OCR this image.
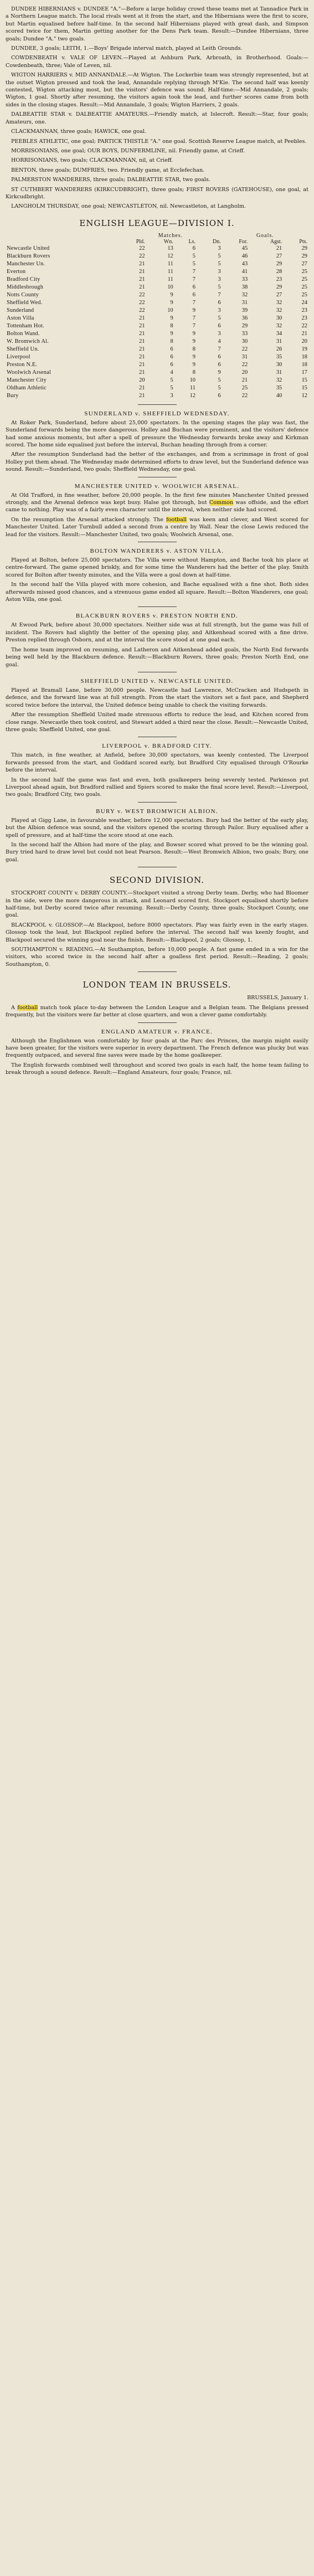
DUNDEE HIBERNIANS v. DUNDEE "A."—Before a large holiday crowd these teams met at Tannadice Park in a Northern League match. The local rivals went at it from the start, and the Hibernians were the first to score, but Martin equalised before half-time. In the second half Hibernians played with great dash, and Simpson scored twice for them, Martin getting another for the Dens Park team. Result:—Dundee Hibernians, three goals; Dundee "A." two goals.

DUNDEE, 3 goals; LEITH, 1.—Boys' Brigade interval match, played at Leith Grounds.

COWDENBEATH v. VALE OF LEVEN.—Played at Ashburn Park, Arbroath, in Brotherhood. Goals:—Cowdenbeath, three; Vale of Leven, nil.

WIGTON HARRIERS v. MID ANNANDALE.—At Wigton. The Lockerbie team was strongly represented, but at the outset Wigton pressed and took the lead, Annandale replying through M'Kie. The second half was keenly contested, Wigton attacking most, but the visitors' defence was sound. Half-time:—Mid Annandale, 2 goals; Wigton, 1 goal. Shortly after resuming, the visitors again took the lead, and further scores came from both sides in the closing stages. Result:—Mid Annandale, 3 goals; Wigton Harriers, 2 goals.

DALBEATTIE STAR v. DALBEATTIE AMATEURS.—Friendly match, at Islecroft. Result:—Star, four goals; Amateurs, one.

CLACKMANNAN, three goals; HAWICK, one goal.

PEEBLES ATHLETIC, one goal; PARTICK THISTLE "A." one goal. Scottish Reserve League match, at Peebles.

MORRISONIANS, one goal; OUR BOYS, DUNFERMLINE, nil. Friendly game, at Crieff.

HORRISONIANS, two goals; CLACKMANNAN, nil, at Crieff.

BENTON, three goals; DUMFRIES, two. Friendly game, at Ecclefechan.

PALMERSTON WANDERERS, three goals; DALBEATTIE STAR, two goals.

ST CUTHBERT WANDERERS (KIRKCUDBRIGHT), three goals; FIRST ROVERS (GATEHOUSE), one goal, at Kirkcudbright.

LANGHOLM THURSDAY, one goal; NEWCASTLETON, nil. Newcastleton, at Langholm.

ENGLISH LEAGUE—DIVISION I.
	Matches.				Goals.		
	Pld.	Wn.	Ls.	Dn.	For.	Agst.	Pts.
Newcastle United	22	13	6	3	45	21	29
Blackburn Rovers	22	12	5	5	46	27	29
Manchester Un.	21	11	5	5	43	29	27
Everton	21	11	7	3	41	28	25
Bradford City	21	11	7	3	33	23	25
Middlesbrough	21	10	6	5	38	29	25
Notts County	22	9	6	7	32	27	25
Sheffield Wed.	22	9	7	6	31	32	24
Sunderland	22	10	9	3	39	32	23
Aston Villa	21	9	7	5	36	30	23
Tottenham Hot.	21	8	7	6	29	32	22
Bolton Wand.	21	9	9	3	33	34	21
W. Bromwich Al.	21	8	9	4	30	31	20
Sheffield Un.	21	6	8	7	22	26	19
Liverpool	21	6	9	6	31	35	18
Preston N.E.	21	6	9	6	22	30	18
Woolwich Arsenal	21	4	8	9	20	31	17
Manchester City	20	5	10	5	21	32	15
Oldham Athletic	21	5	11	5	25	35	15
Bury	21	3	12	6	22	40	12
SUNDERLAND v. SHEFFIELD WEDNESDAY.

At Roker Park, Sunderland, before about 25,000 spectators. In the opening stages the play was fast, the Sunderland forwards being the more dangerous. Holley and Buchan were prominent, and the visitors' defence had some anxious moments, but after a spell of pressure the Wednesday forwards broke away and Kirkman scored. The home side equalised just before the interval, Buchan heading through from a corner.

After the resumption Sunderland had the better of the exchanges, and from a scrimmage in front of goal Holley put them ahead. The Wednesday made determined efforts to draw level, but the Sunderland defence was sound. Result:—Sunderland, two goals; Sheffield Wednesday, one goal.

MANCHESTER UNITED v. WOOLWICH ARSENAL.

At Old Trafford, in fine weather, before 20,000 people. In the first few minutes Manchester United pressed strongly, and the Arsenal defence was kept busy. Halse got through, but Common was offside, and the effort came to nothing. Play was of a fairly even character until the interval, when neither side had scored.

On the resumption the Arsenal attacked strongly. The football was keen and clever, and West scored for Manchester United. Later Turnbull added a second from a centre by Wall. Near the close Lewis reduced the lead for the visitors. Result:—Manchester United, two goals; Woolwich Arsenal, one.

BOLTON WANDERERS v. ASTON VILLA.

Played at Bolton, before 25,000 spectators. The Villa were without Hampton, and Bache took his place at centre-forward. The game opened briskly, and for some time the Wanderers had the better of the play. Smith scored for Bolton after twenty minutes, and the Villa were a goal down at half-time.

In the second half the Villa played with more cohesion, and Bache equalised with a fine shot. Both sides afterwards missed good chances, and a strenuous game ended all square. Result:—Bolton Wanderers, one goal; Aston Villa, one goal.

BLACKBURN ROVERS v. PRESTON NORTH END.

At Ewood Park, before about 30,000 spectators. Neither side was at full strength, but the game was full of incident. The Rovers had slightly the better of the opening play, and Aitkenhead scored with a fine drive. Preston replied through Osborn, and at the interval the score stood at one goal each.

The home team improved on resuming, and Latheron and Aitkenhead added goals, the North End forwards being well held by the Blackburn defence. Result:—Blackburn Rovers, three goals; Preston North End, one goal.

SHEFFIELD UNITED v. NEWCASTLE UNITED.

Played at Bramall Lane, before 30,000 people. Newcastle had Lawrence, McCracken and Hudspeth in defence, and the forward line was at full strength. From the start the visitors set a fast pace, and Shepherd scored twice before the interval, the United defence being unable to check the visiting forwards.

After the resumption Sheffield United made strenuous efforts to reduce the lead, and Kitchen scored from close range. Newcastle then took control, and Stewart added a third near the close. Result:—Newcastle United, three goals; Sheffield United, one goal.

LIVERPOOL v. BRADFORD CITY.

This match, in fine weather, at Anfield, before 30,000 spectators, was keenly contested. The Liverpool forwards pressed from the start, and Goddard scored early, but Bradford City equalised through O'Rourke before the interval.

In the second half the game was fast and even, both goalkeepers being severely tested. Parkinson put Liverpool ahead again, but Bradford rallied and Spiers scored to make the final score level. Result:—Liverpool, two goals; Bradford City, two goals.

BURY v. WEST BROMWICH ALBION.

Played at Gigg Lane, in favourable weather, before 12,000 spectators. Bury had the better of the early play, but the Albion defence was sound, and the visitors opened the scoring through Pailor. Bury equalised after a spell of pressure, and at half-time the score stood at one each.

In the second half the Albion had more of the play, and Bowser scored what proved to be the winning goal. Bury tried hard to draw level but could not beat Pearson. Result:—West Bromwich Albion, two goals; Bury, one goal.

SECOND DIVISION.

STOCKPORT COUNTY v. DERBY COUNTY.—Stockport visited a strong Derby team. Derby, who had Bloomer in the side, were the more dangerous in attack, and Leonard scored first. Stockport equalised shortly before half-time, but Derby scored twice after resuming. Result:—Derby County, three goals; Stockport County, one goal.

BLACKPOOL v. GLOSSOP.—At Blackpool, before 8000 spectators. Play was fairly even in the early stages. Glossop took the lead, but Blackpool replied before the interval. The second half was keenly fought, and Blackpool secured the winning goal near the finish. Result:—Blackpool, 2 goals; Glossop, 1.

SOUTHAMPTON v. READING.—At Southampton, before 10,000 people. A fast game ended in a win for the visitors, who scored twice in the second half after a goalless first period. Result:—Reading, 2 goals; Southampton, 0.

LONDON TEAM IN BRUSSELS.

BRUSSELS, January 1.

A football match took place to-day between the London League and a Belgian team. The Belgians pressed frequently, but the visitors were far better at close quarters, and won a clever game comfortably.

ENGLAND AMATEUR v. FRANCE.

Although the Englishmen won comfortably by four goals at the Parc des Princes, the margin might easily have been greater, for the visitors were superior in every department. The French defence was plucky but was frequently outpaced, and several fine saves were made by the home goalkeeper.

The English forwards combined well throughout and scored two goals in each half, the home team failing to break through a sound defence. Result:—England Amateurs, four goals; France, nil.
